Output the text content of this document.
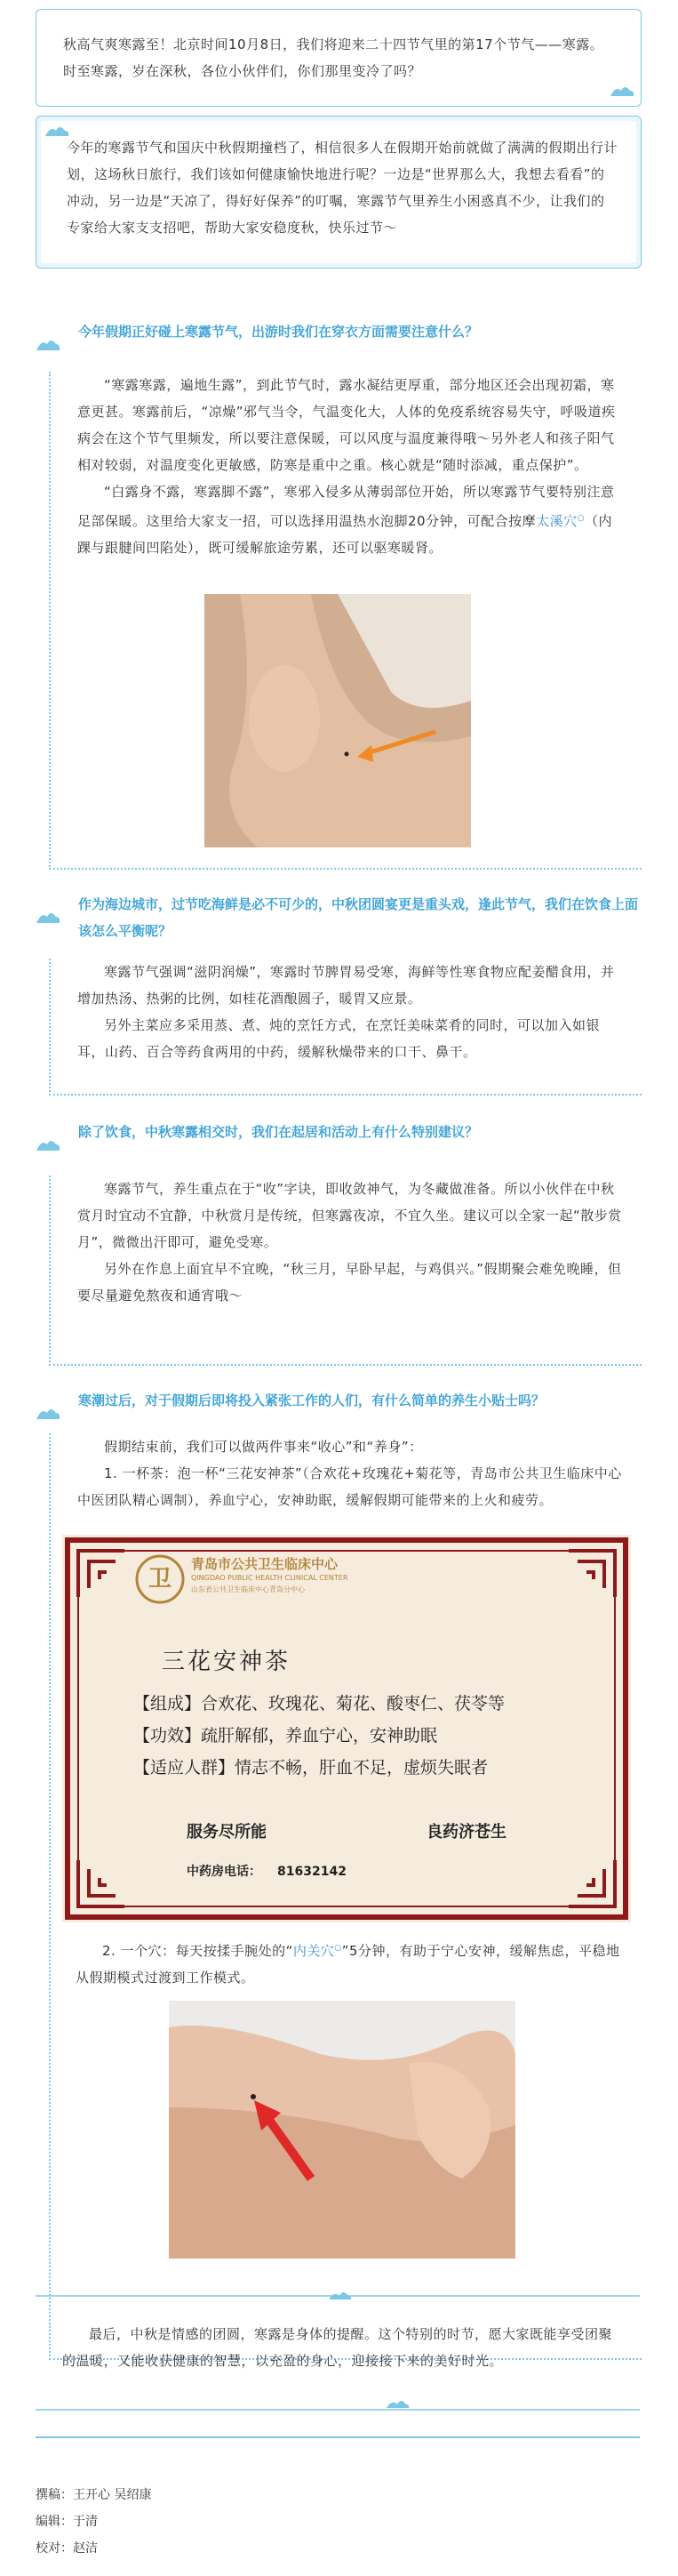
秋高气爽寒露至！北京时间10月8日，我们将迎来二十四节气里的第17个节气——寒露。时至寒露，岁在深秋，各位小伙伴们，你们那里变冷了吗？

今年的寒露节气和国庆中秋假期撞档了，相信很多人在假期开始前就做了满满的假期出行计划，这场秋日旅行，我们该如何健康愉快地进行呢？一边是“世界那么大，我想去看看”的冲动，另一边是“天凉了，得好好保养”的叮嘱，寒露节气里养生小困惑真不少，让我们的专家给大家支支招吧，帮助大家安稳度秋，快乐过节～

今年假期正好碰上寒露节气，出游时我们在穿衣方面需要注意什么？

“寒露寒露，遍地生露”，到此节气时，露水凝结更厚重，部分地区还会出现初霜，寒意更甚。寒露前后，“凉燥”邪气当令，气温变化大，人体的免疫系统容易失守，呼吸道疾病会在这个节气里频发，所以要注意保暖，可以风度与温度兼得哦～另外老人和孩子阳气相对较弱，对温度变化更敏感，防寒是重中之重。核心就是“随时添减，重点保护”。

“白露身不露，寒露脚不露”，寒邪入侵多从薄弱部位开始，所以寒露节气要特别注意足部保暖。这里给大家支一招，可以选择用温热水泡脚20分钟，可配合按摩太溪穴○（内踝与跟腱间凹陷处），既可缓解旅途劳累，还可以驱寒暖肾。

作为海边城市，过节吃海鲜是必不可少的，中秋团圆宴更是重头戏，逢此节气，我们在饮食上面该怎么平衡呢？

寒露节气强调“滋阴润燥”，寒露时节脾胃易受寒，海鲜等性寒食物应配姜醋食用，并增加热汤、热粥的比例，如桂花酒酿圆子，暖胃又应景。

另外主菜应多采用蒸、煮、炖的烹饪方式，在烹饪美味菜肴的同时，可以加入如银耳，山药、百合等药食两用的中药，缓解秋燥带来的口干、鼻干。

除了饮食，中秋寒露相交时，我们在起居和活动上有什么特别建议？

寒露节气，养生重点在于“收”字诀，即收敛神气，为冬藏做准备。所以小伙伴在中秋赏月时宜动不宜静，中秋赏月是传统，但寒露夜凉，不宜久坐。建议可以全家一起“散步赏月”，微微出汗即可，避免受寒。

另外在作息上面宜早不宜晚，“秋三月，早卧早起，与鸡俱兴。”假期聚会难免晚睡，但要尽量避免熬夜和通宵哦～

寒潮过后，对于假期后即将投入紧张工作的人们，有什么简单的养生小贴士吗？

假期结束前，我们可以做两件事来“收心”和“养身”：

1. 一杯茶：泡一杯“三花安神茶”（合欢花+玫瑰花+菊花等，青岛市公共卫生临床中心中医团队精心调制），养血宁心，安神助眠，缓解假期可能带来的上火和疲劳。

卫
青岛市公共卫生临床中心
QINGDAO PUBLIC HEALTH CLINICAL CENTER
山东省公共卫生临床中心青岛分中心
三花安神茶
【组成】合欢花、玫瑰花、菊花、酸枣仁、茯苓等
【功效】疏肝解郁，养血宁心，安神助眠
【适应人群】情志不畅，肝血不足，虚烦失眠者
服务尽所能	良药济苍生
中药房电话： 81632142

2. 一个穴：每天按揉手腕处的“内关穴○”5分钟，有助于宁心安神，缓解焦虑，平稳地从假期模式过渡到工作模式。

最后，中秋是情感的团圆，寒露是身体的提醒。这个特别的时节，愿大家既能享受团聚的温暖，又能收获健康的智慧，以充盈的身心，迎接接下来的美好时光。

撰稿：王开心 吴绍康
编辑：于清
校对：赵洁
